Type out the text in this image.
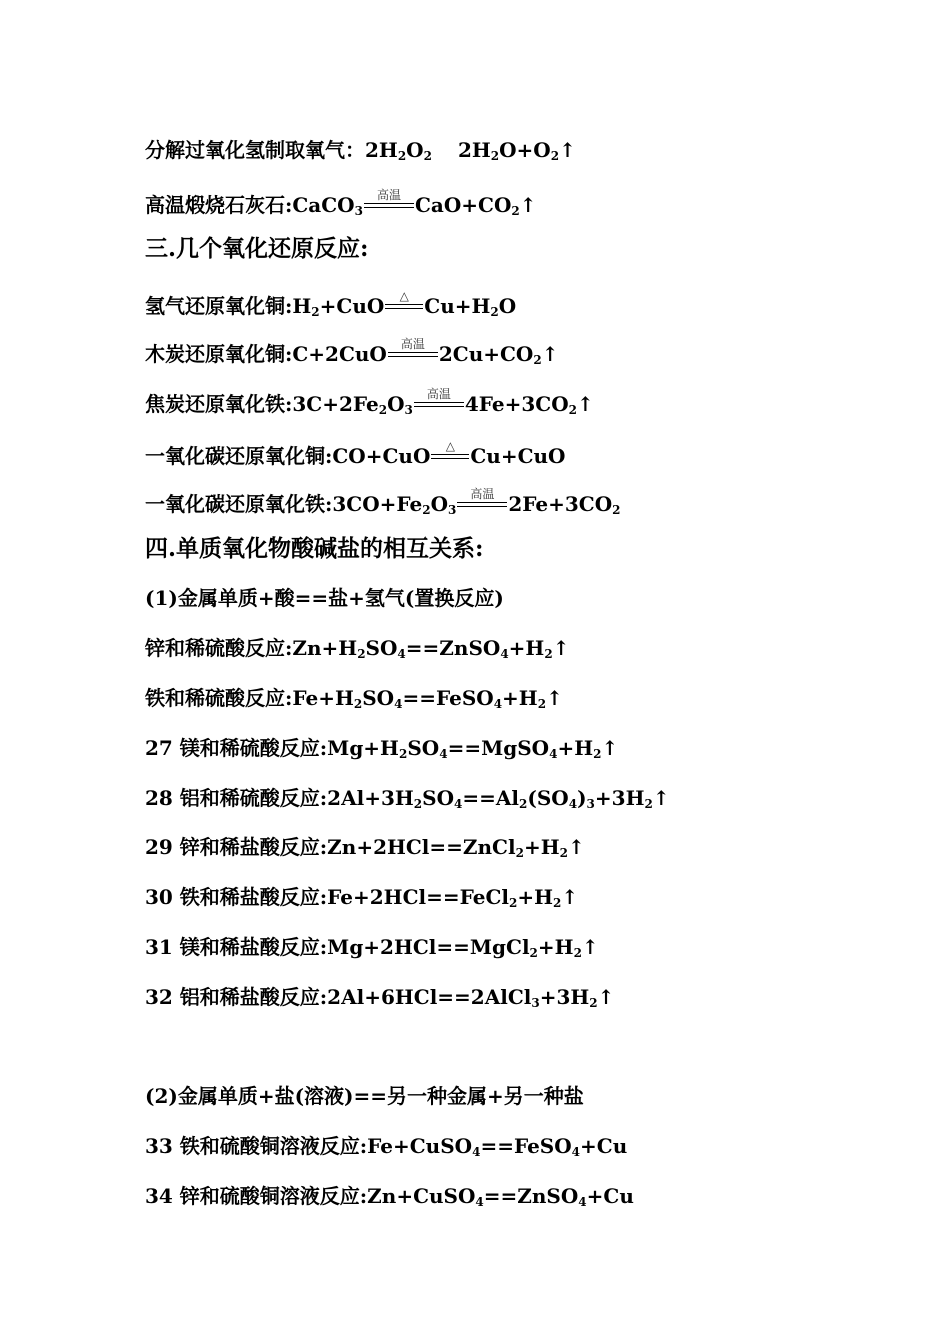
分解过氧化氢制取氧气：$2H_2O_2$ $2H_2O+O_2↑$
高温煅烧石灰石:CaCO$_3$
高温 $CaO+CO_2↑$
三.几个氧化还原反应:
氢气还原氧化铜$:H_2+CuO$	△ $Cu+H_2O$
木炭还原氧化铜:C+2CuO	高温 $2Cu+CO_2↑$
焦炭还原氧化铁$:3C+2Fe_2O_3$
高温 $4Fe+3CO_2↑$
一氧化碳还原氧化铜:CO+CuO	△ Cu+CuO
一氧化碳还原氧化铁$:3CO+Fe_2O_3$
高温 $2Fe+3CO_2$
四.单质氧化物酸碱盐的相互关系:
(1)金属单质+酸==盐+氢气(置换反应)
锌和稀硫酸反应$:Zn+H_2SO_4==ZnSO_4+H_2↑$
铁和稀硫酸反应$:Fe+H_2SO_4==FeSO_4+H_2↑$
27 镁和稀硫酸反应$:Mg+H_2SO_4==MgSO_4+H_2↑$
28 铝和稀硫酸反应$:2Al+3H_2SO_4==Al_2(SO_4)_3+3H_2↑$
29 锌和稀盐酸反应$:Zn+2HCl==ZnCl_2+H_2↑$
30 铁和稀盐酸反应$:Fe+2HCl==FeCl_2+H_2↑$
31 镁和稀盐酸反应$:Mg+2HCl==MgCl_2+H_2↑$
32 铝和稀盐酸反应$:2Al+6HCl==2AlCl_3+3H_2↑$
(2)金属单质+盐(溶液)==另一种金属+另一种盐
33 铁和硫酸铜溶液反应:Fe+CuSO$_4$==FeSO$_4$+Cu
34 锌和硫酸铜溶液反应:Zn+CuSO$_4$==ZnSO$_4$+Cu
